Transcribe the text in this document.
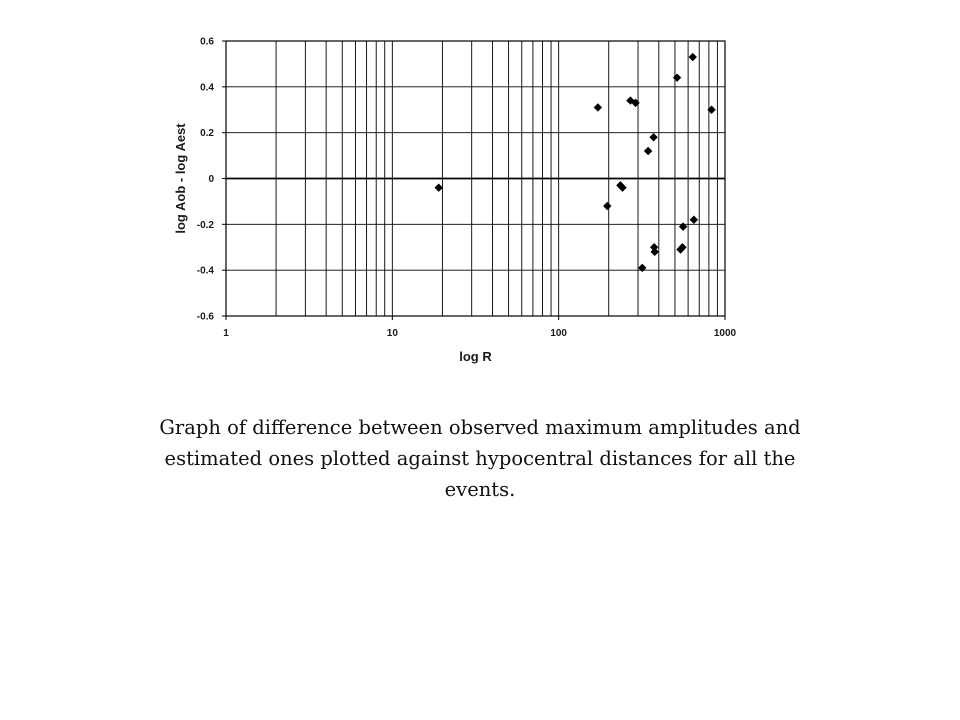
-0.6
-0.4
-0.2
0
0.2
0.4
0.6
1	10	100	1000
log R
log Aob - log Aest
Graph of difference between observed maximum amplitudes and estimated ones plotted against hypocentral distances for all the events.
